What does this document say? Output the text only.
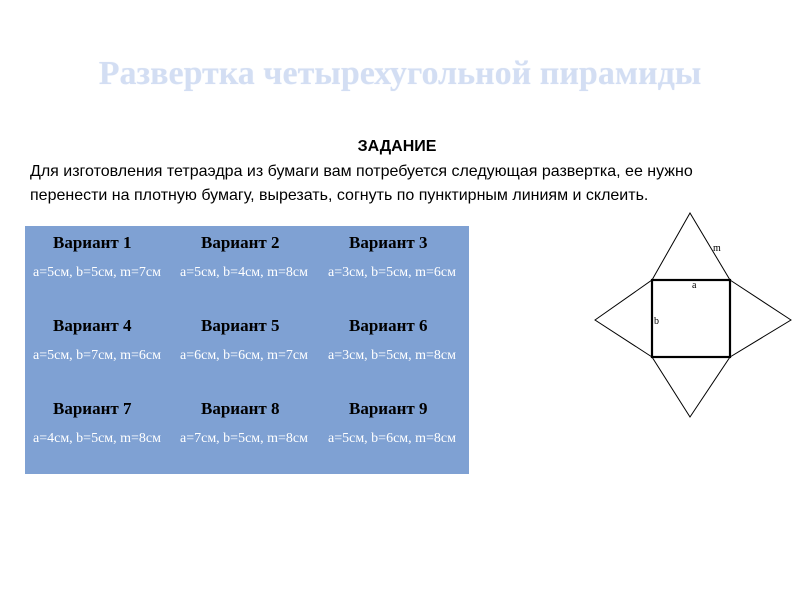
Развертка четырехугольной пирамиды
ЗАДАНИЕ
Для изготовления тетраэдра из бумаги вам потребуется следующая развертка, ее нужно перенести на плотную бумагу, вырезать, согнуть по пунктирным линиям и склеить.
Вариант 1	Вариант 2	Вариант 3
a=5см, b=5см, m=7см	a=5см, b=4см, m=8см	a=3см, b=5см, m=6см
Вариант 4	Вариант 5	Вариант 6
a=5см, b=7см, m=6см	a=6см, b=6см, m=7см	a=3см, b=5см, m=8см
Вариант 7	Вариант 8	Вариант 9
a=4см, b=5см, m=8см	a=7см, b=5см, m=8см	a=5см, b=6см, m=8см
m
a
b
